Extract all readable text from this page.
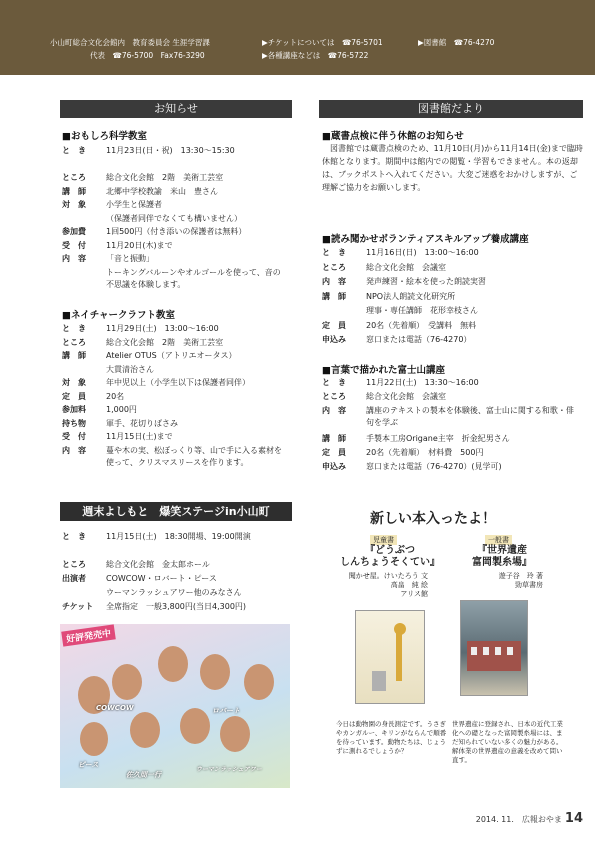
小山町総合文化会館内　教育委員会 生涯学習課
代表　☎76-5700　Fax76-3290
▶チケットについては　☎76-5701	▶図書館　☎76-4270
▶各種講座などは　☎76-5722
お知らせ
■おもしろ科学教室
と　き	11月23日(日・祝)　13:30～15:30
ところ	総合文化会館　2階　美術工芸室
講　師	北郷中学校教諭　米山　豊さん
対　象	小学生と保護者
（保護者同伴でなくても構いません）
参加費	1回500円（付き添いの保護者は無料）
受　付	11月20日(木)まで
内　容	「音と振動」
トーキングバルーンやオルゴールを使って、音の不思議を体験します。
■ネイチャークラフト教室
と　き	11月29日(土)　13:00～16:00
ところ	総合文化会館　2階　美術工芸室
講　師	Atelier OTUS（アトリエオータス）
大貫清治さん
対　象	年中児以上（小学生以下は保護者同伴）
定　員	20名
参加料	1,000円
持ち物	軍手、花切りばさみ
受　付	11月15日(土)まで
内　容	蔓や木の実、松ぼっくり等、山で手に入る素材を使って、クリスマスリースを作ります。
週末よしもと　爆笑ステージin小山町
と　き	11月15日(土)　18:30開場、19:00開演
ところ	総合文化会館　金太郎ホール
出演者	COWCOW・ロバート・ピース
ウーマンラッシュアワー他のみなさん
チケット 全席指定　一般3,800円(当日4,300円)
COWCOW	ロバート
ピース
佐久間一行
ウーマンラッシュアワー
好評発売中
図書館だより
■蔵書点検に伴う休館のお知らせ
図書館では蔵書点検のため、11月10日(月)から11月14日(金)まで臨時休館となります。期間中は館内での閲覧・学習もできません。本の返却は、ブックポストへ入れてください。大変ご迷惑をおかけしますが、ご理解ご協力をお願いします。
■読み聞かせボランティアスキルアップ養成講座
と　き	11月16日(日)　13:00～16:00
ところ	総合文化会館　会議室
内　容	発声練習・絵本を使った朗読実習
講　師	NPO法人朗読文化研究所
理事・専任講師　花形幸枝さん
定　員	20名（先着順）　受講料　無料
申込み	窓口または電話（76-4270）
■言葉で描かれた富士山講座
と　き	11月22日(土)　13:30～16:00
ところ	総合文化会館　会議室
内　容	講座のテキストの製本を体験後、富士山に関する和歌・俳句を学ぶ
講　師	手製本工房Origane主宰　折金紀男さん
定　員	20名（先着順）　材料費　500円
申込み	窓口または電話（76-4270）(見学可)
新しい本入ったよ！
児童書
『どうぶつ
しんちょうそくてい』
聞かせ屋。けいたろう 文
高畠　純 絵
アリス館
今日は動物園の身長測定です。うさぎやカンガルー、キリンがならんで順番を待っています。動物たちは、じょうずに測れるでしょうか？
一般書
『世界遺産
富岡製糸場』
遊子谷　玲 著
勁草書房
世界遺産に登録され、日本の近代工業化への礎となった富岡製糸場には、まだ知られていない多くの魅力がある。解体業の世界遺産の意義を改めて問い直す。
2014. 11.　広報おやま 14
